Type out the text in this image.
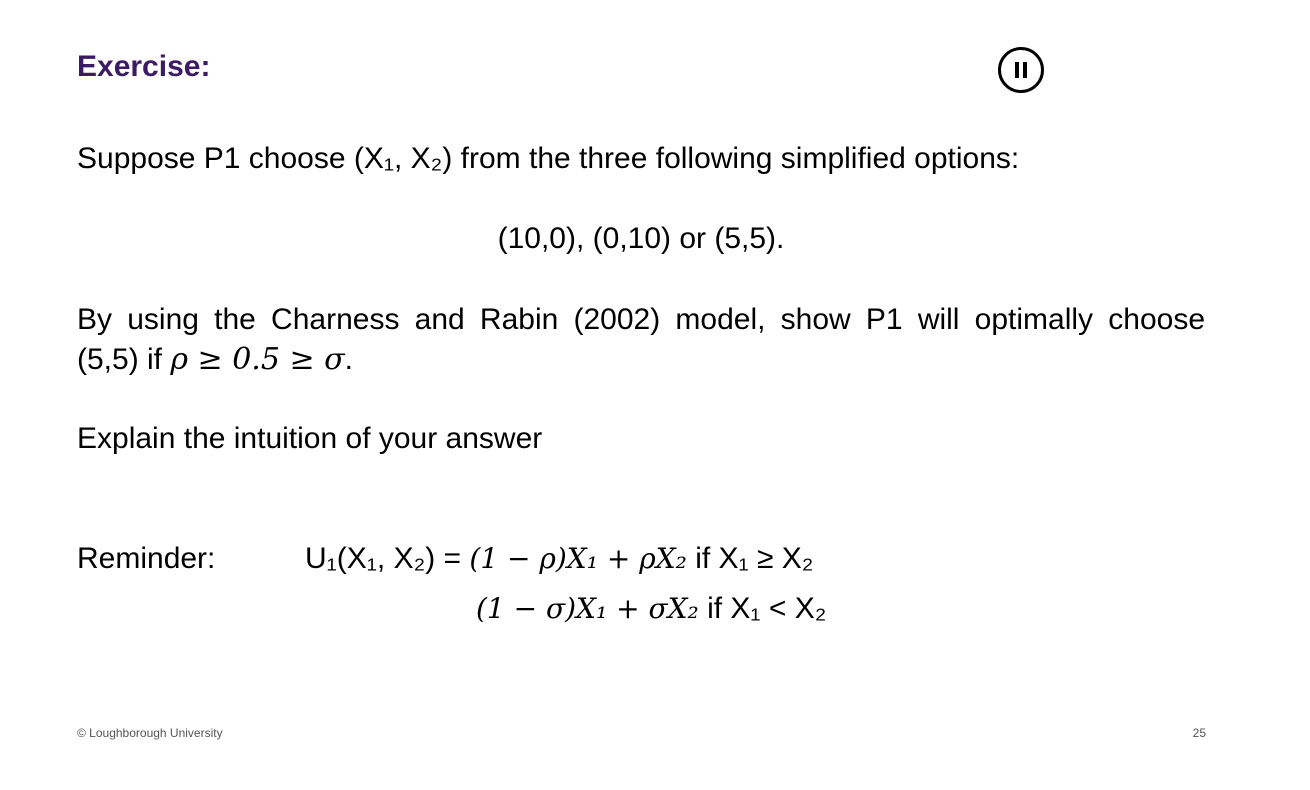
Exercise:
Suppose P1 choose (X₁, X₂) from the three following simplified options:
(10,0), (0,10) or (5,5).
By using the Charness and Rabin (2002) model, show P1 will optimally choose
(5,5) if ρ ≥ 0.5 ≥ σ.
Explain the intuition of your answer
Reminder:	U₁(X₁, X₂) = (1 − ρ)X₁ + ρX₂ if X₁ ≥ X₂
(1 − σ)X₁ + σX₂ if X₁ < X₂
© Loughborough University	25
